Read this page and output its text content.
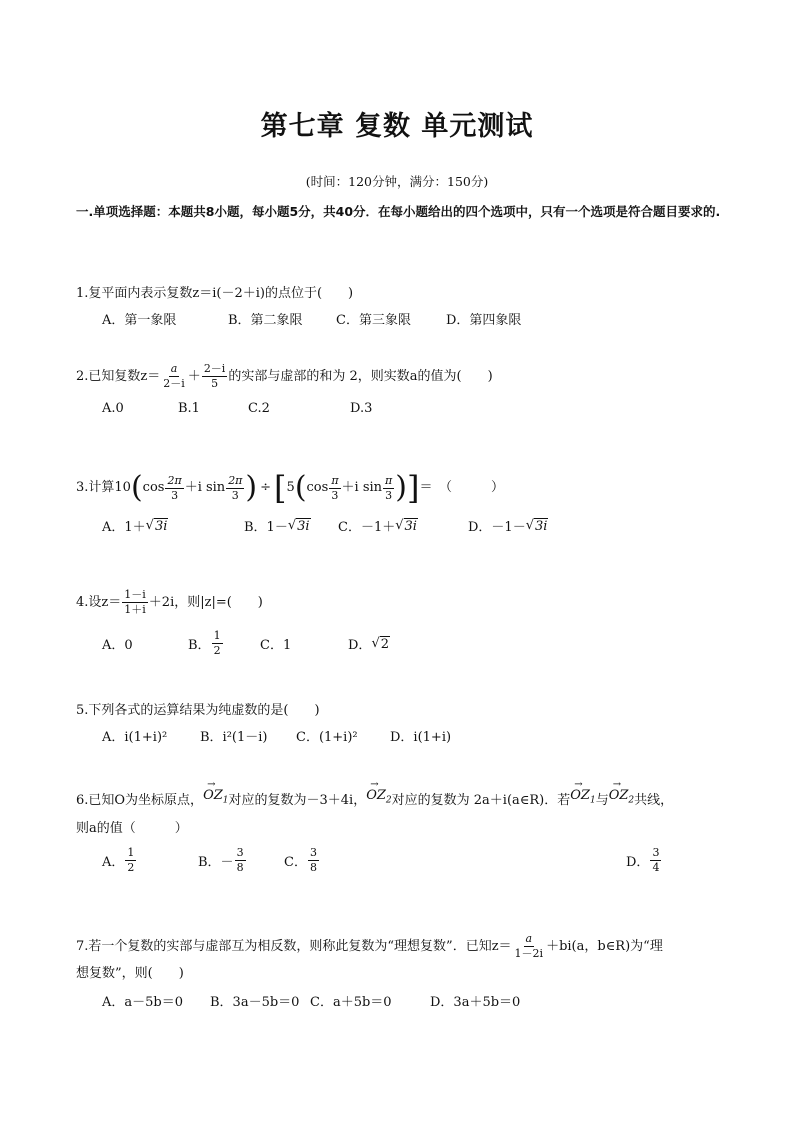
第七章 复数 单元测试
(时间：120分钟，满分：150分)
一.单项选择题：本题共8小题，每小题5分，共40分．在每小题给出的四个选项中，只有一个选项是符合题目要求的.
1.复平面内表示复数z＝i(－2＋i)的点位于(　　)
A．第一象限	B．第二象限	C．第三象限	D．第四象限
2.已知复数$z= \frac{a}{2-i} + \frac{2-i}{5}$ 的实部与虚部的和为 2，则实数a的值为(　　)
A.0	B.1	C.2	D.3
3.计算10 ( $\cos \frac{2\pi}{3} +i$ $\sin \frac{2\pi}{3}$ ) ÷ [ 5 ( $\cos \frac{\pi}{3} +i$ $\sin \frac{\pi}{3}$ ) ] ＝　（　　　）
A．1＋ √ 3i	B．1－ √ 3i C．－1＋ √ 3i	D．－1－ √ 3i
4.设$z= \frac{1-i}{1+i} +2i$，则|z|=(　　)
A．0	B． $\frac{1}{2}$	C．1	D． √ 2
5.下列各式的运算结果为纯虚数的是(　　)
A．i(1+i)²	B．i²(1－i)	C．(1+i)²	D．i(1+i)
6.已知O为坐标原点， → $OZ_1$ 对应的复数为－3＋4i， → $OZ_2$ 对应的复数为 2a＋i(a∈R)．若 → $OZ_1$ 与 → $OZ_2$ 共线，
则a的值（　　　）
A． $\frac{1}{2}$	B．－ $\frac{3}{8}$	C． $\frac{3}{8}$	D． $\frac{3}{4}$
7.若一个复数的实部与虚部互为相反数，则称此复数为“理想复数”．已知$z= \frac{a}{1-2i} +bi(a$，b∈R)为“理
想复数”，则(　　)
A．a－5b＝0	B．3a－5b＝0 C．a＋5b＝0	D．3a＋5b＝0
